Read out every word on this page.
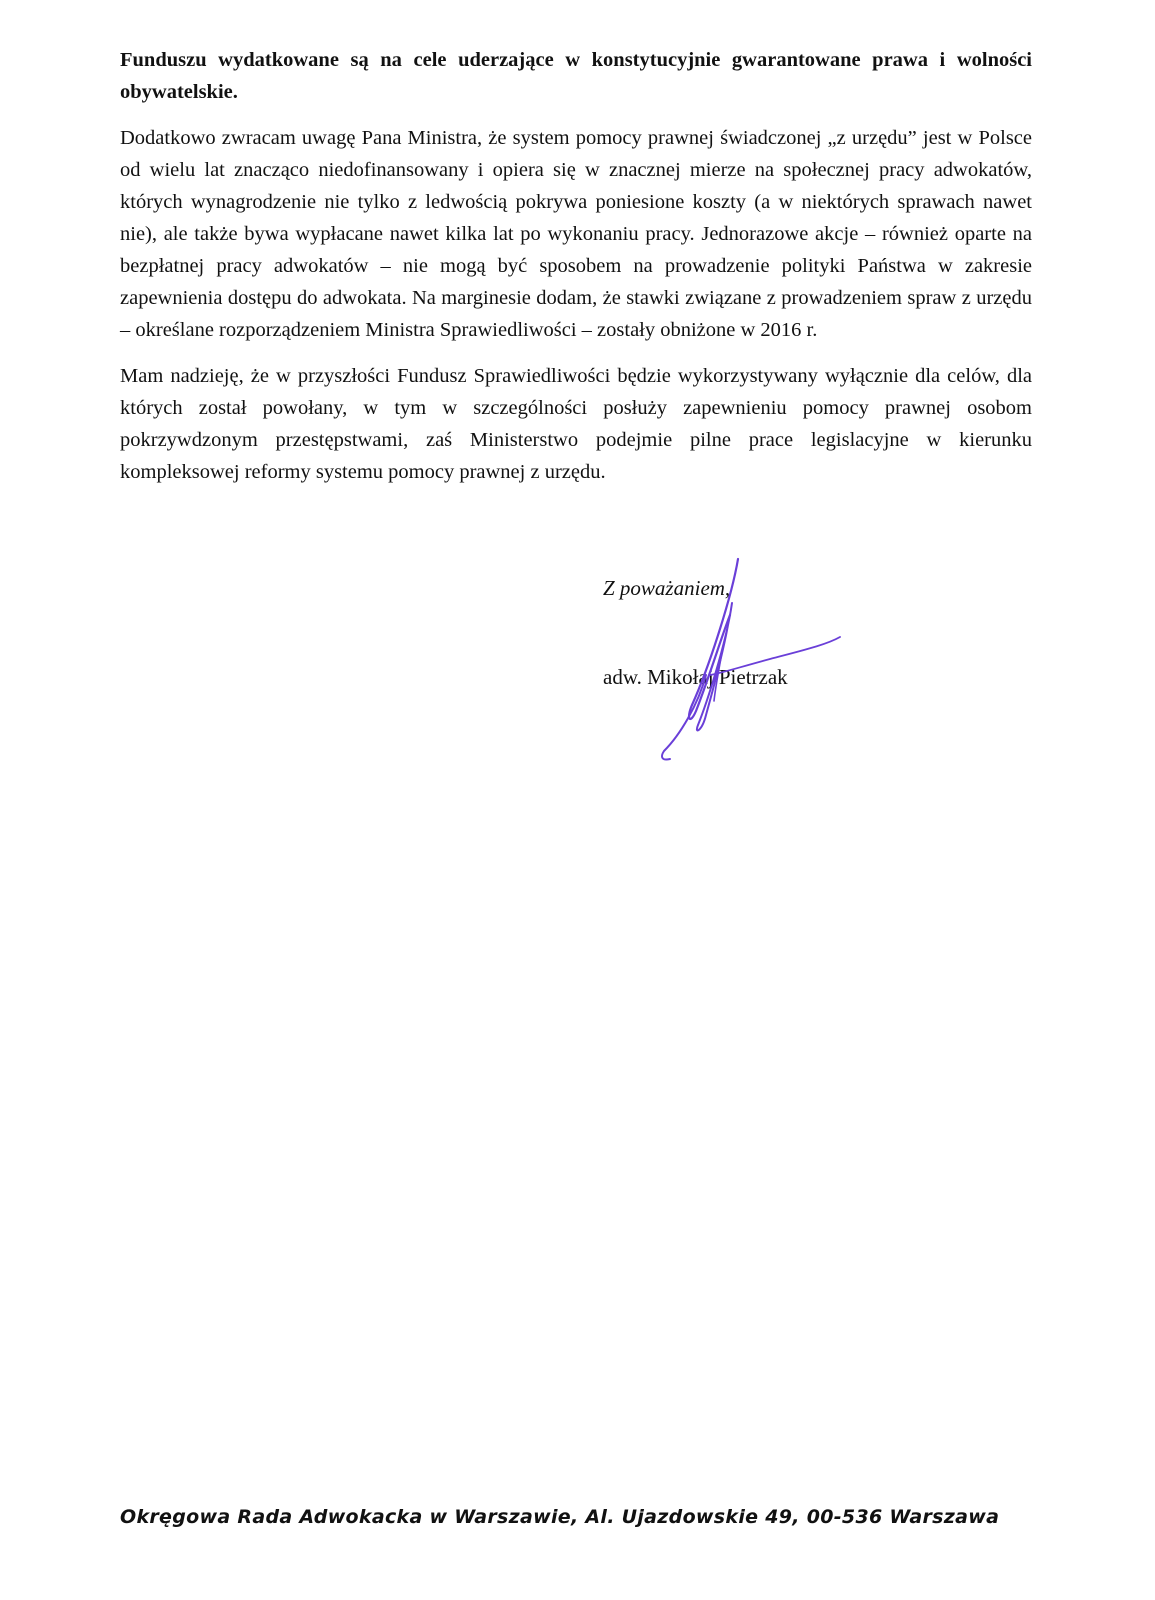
Funduszu wydatkowane są na cele uderzające w konstytucyjnie gwarantowane prawa i wolności obywatelskie.

Dodatkowo zwracam uwagę Pana Ministra, że system pomocy prawnej świadczonej „z urzędu” jest w Polsce od wielu lat znacząco niedofinansowany i opiera się w znacznej mierze na społecznej pracy adwokatów, których wynagrodzenie nie tylko z ledwością pokrywa poniesione koszty (a w niektórych sprawach nawet nie), ale także bywa wypłacane nawet kilka lat po wykonaniu pracy. Jednorazowe akcje – również oparte na bezpłatnej pracy adwokatów – nie mogą być sposobem na prowadzenie polityki Państwa w zakresie zapewnienia dostępu do adwokata. Na marginesie dodam, że stawki związane z prowadzeniem spraw z urzędu – określane rozporządzeniem Ministra Sprawiedliwości – zostały obniżone w 2016 r.

Mam nadzieję, że w przyszłości Fundusz Sprawiedliwości będzie wykorzystywany wyłącznie dla celów, dla których został powołany, w tym w szczególności posłuży zapewnieniu pomocy prawnej osobom pokrzywdzonym przestępstwami, zaś Ministerstwo podejmie pilne prace legislacyjne w kierunku kompleksowej reformy systemu pomocy prawnej z urzędu.

Z poważaniem,
adw. Mikołaj Pietrzak
Okręgowa Rada Adwokacka w Warszawie, Al. Ujazdowskie 49, 00-536 Warszawa
